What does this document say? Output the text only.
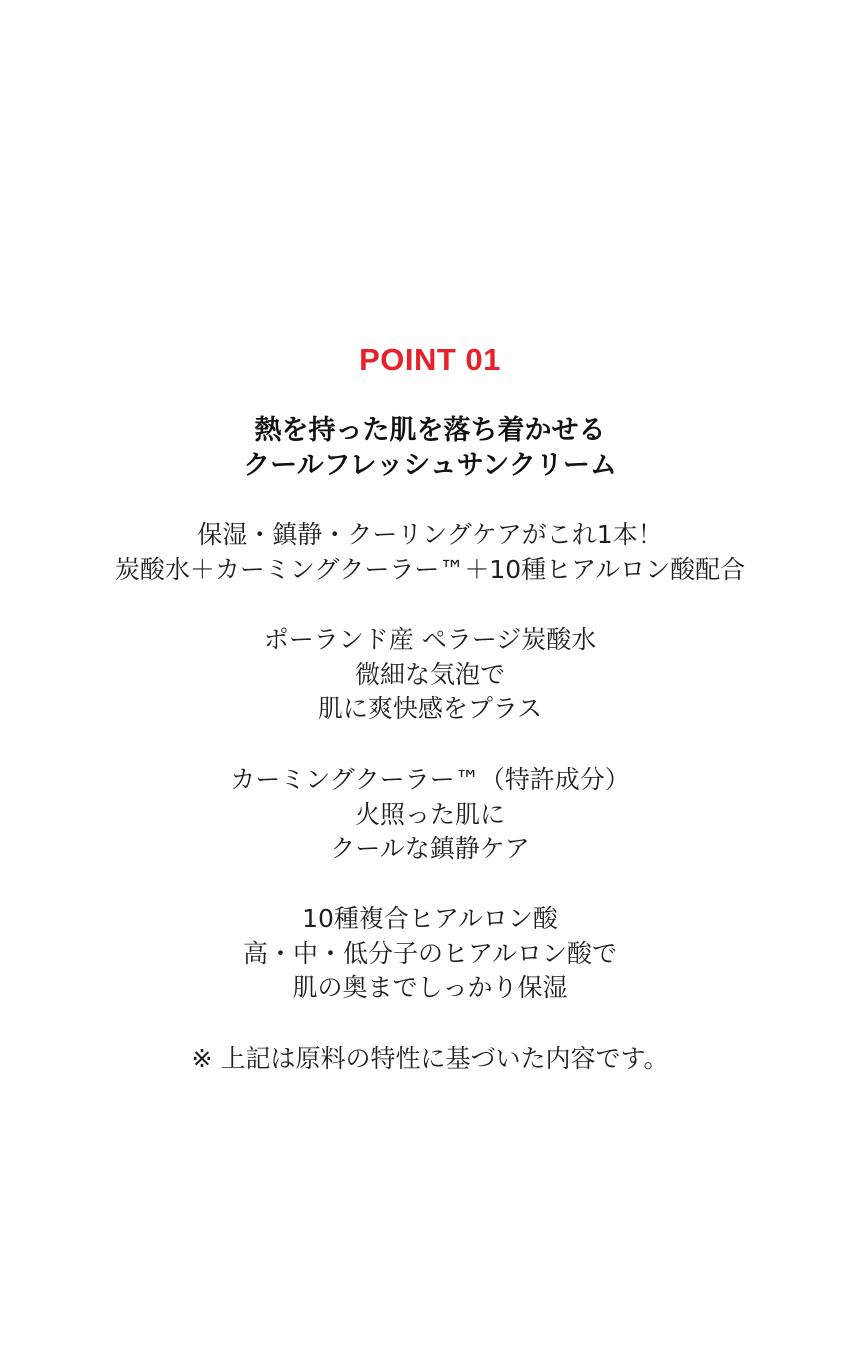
POINT 01
熱を持った肌を落ち着かせる
クールフレッシュサンクリーム
保湿・鎮静・クーリングケアがこれ1本！
炭酸水＋カーミングクーラー™＋10種ヒアルロン酸配合
ポーランド産 ペラージ炭酸水
微細な気泡で
肌に爽快感をプラス
カーミングクーラー™（特許成分）
火照った肌に
クールな鎮静ケア
10種複合ヒアルロン酸
高・中・低分子のヒアルロン酸で
肌の奥までしっかり保湿
※ 上記は原料の特性に基づいた内容です。
